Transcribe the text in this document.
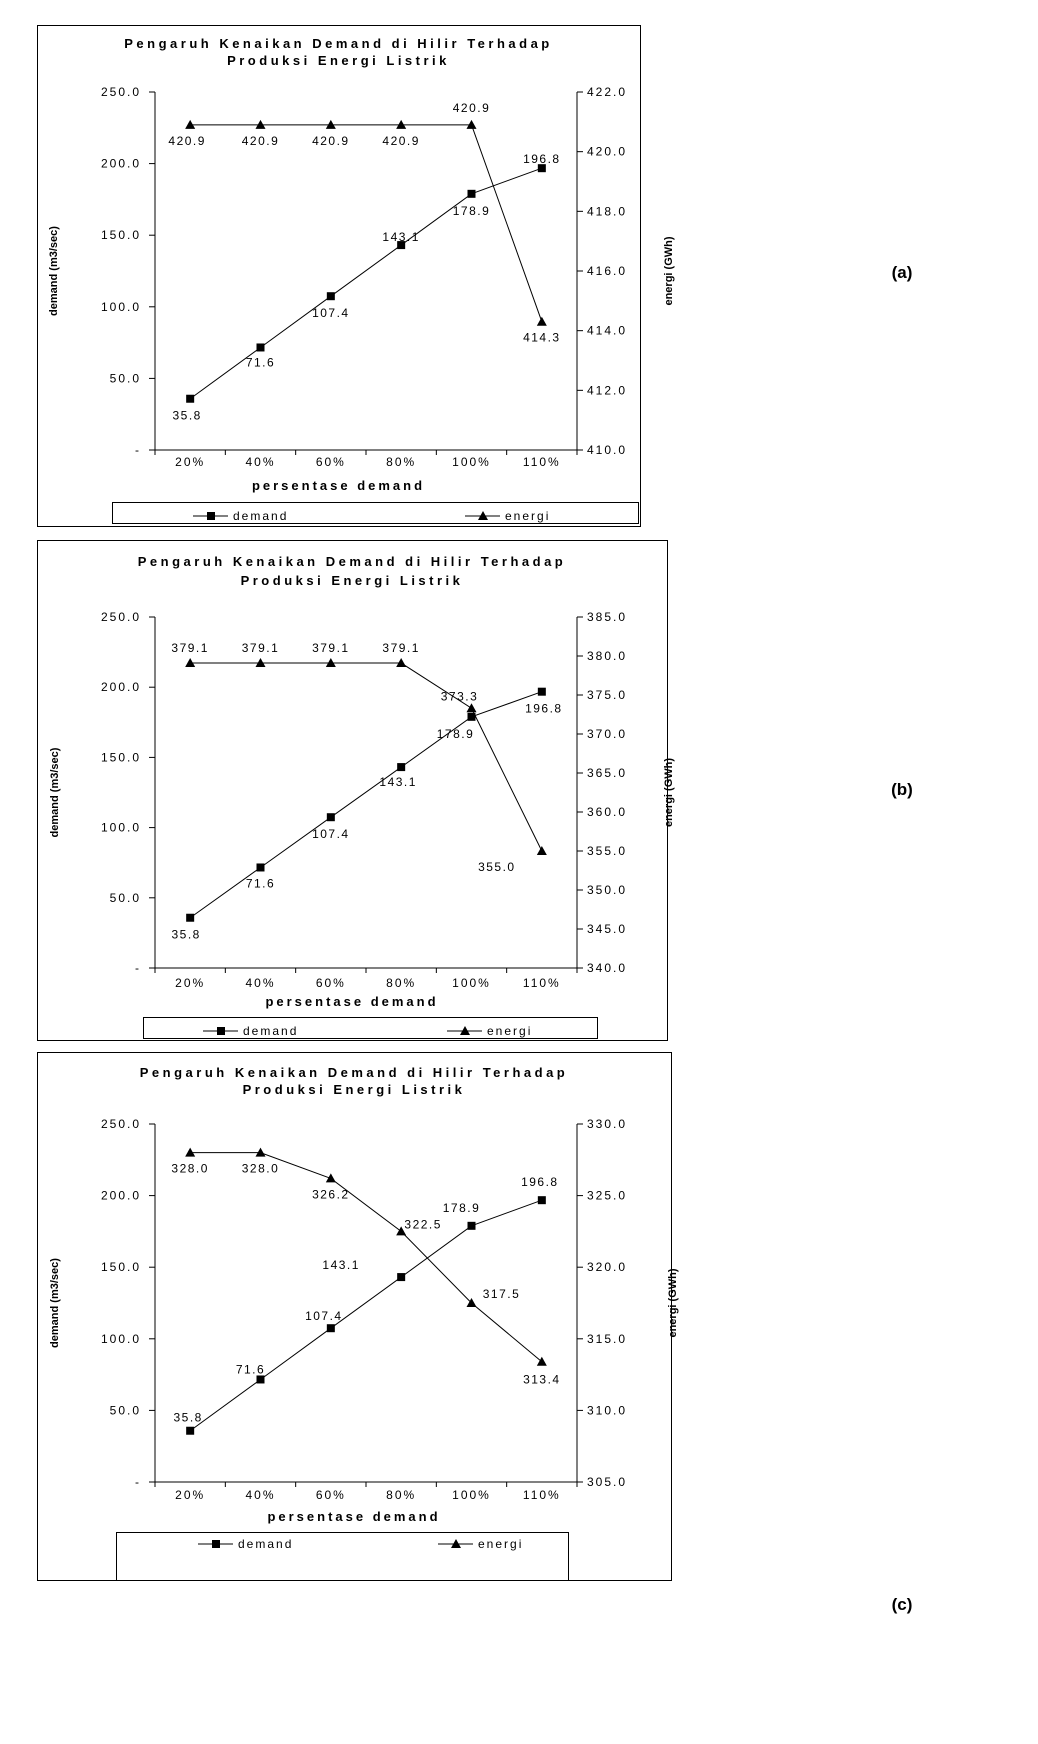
Pengaruh Kenaikan Demand di Hilir Terhadap
Produksi Energi Listrik
-
50.0
100.0
150.0
200.0
250.0
410.0
412.0
414.0
416.0
418.0
420.0
422.0
20%	40%	60%	80%	100%	110%
persentase demand
demand (m3/sec)	energi (GWh)
35.8
71.6
107.4
143.1
178.9
196.8
420.9	420.9	420.9	420.9
420.9
414.3
demand	energi
(a)
Pengaruh Kenaikan Demand di Hilir Terhadap
Produksi Energi Listrik
-
50.0
100.0
150.0
200.0
250.0
340.0
345.0
350.0
355.0
360.0
365.0
370.0
375.0
380.0
385.0
20%	40%	60%	80%	100%	110%
persentase demand
demand (m3/sec)	energi (GWh)
35.8
71.6
107.4
143.1
178.9
196.8
379.1	379.1	379.1	379.1
373.3
355.0
demand	energi
(b)
Pengaruh Kenaikan Demand di Hilir Terhadap
Produksi Energi Listrik
-
50.0
100.0
150.0
200.0
250.0
305.0
310.0
315.0
320.0
325.0
330.0
20%	40%	60%	80%	100%	110%
persentase demand
demand (m3/sec)	energi (GWh)
35.8
71.6
107.4
143.1
178.9
196.8
328.0	328.0
326.2
322.5
317.5
313.4
demand	energi
(c)
